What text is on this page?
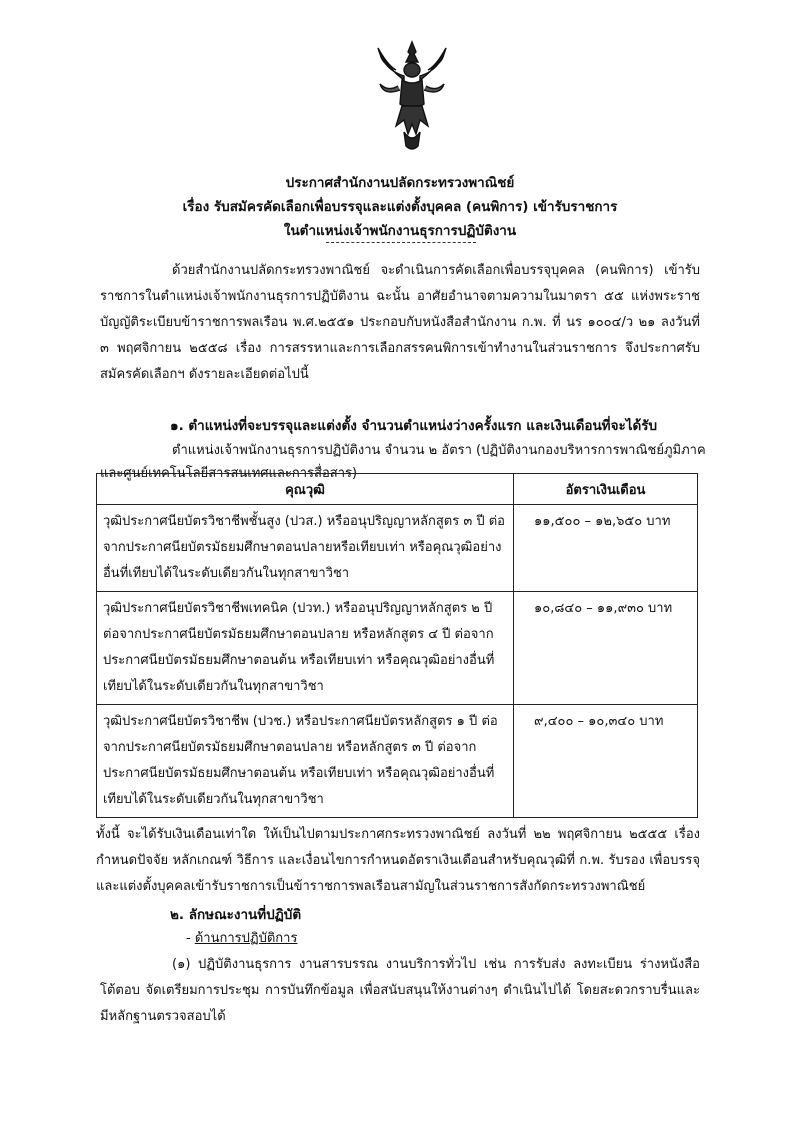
ประกาศสำนักงานปลัดกระทรวงพาณิชย์
เรื่อง รับสมัครคัดเลือกเพื่อบรรจุและแต่งตั้งบุคคล (คนพิการ) เข้ารับราชการ
ในตำแหน่งเจ้าพนักงานธุรการปฏิบัติงาน

ด้วยสำนักงานปลัดกระทรวงพาณิชย์ จะดำเนินการคัดเลือกเพื่อบรรจุบุคคล (คนพิการ) เข้ารับราชการในตำแหน่งเจ้าพนักงานธุรการปฏิบัติงาน ฉะนั้น อาศัยอำนาจตามความในมาตรา ๕๕ แห่งพระราชบัญญัติระเบียบข้าราชการพลเรือน พ.ศ.๒๕๕๑ ประกอบกับหนังสือสำนักงาน ก.พ. ที่ นร ๑๐๐๔/ว ๒๑ ลงวันที่ ๓ พฤศจิกายน ๒๕๕๘ เรื่อง การสรรหาและการเลือกสรรคนพิการเข้าทำงานในส่วนราชการ จึงประกาศรับสมัครคัดเลือกฯ ดังรายละเอียดต่อไปนี้

๑. ตำแหน่งที่จะบรรจุและแต่งตั้ง จำนวนตำแหน่งว่างครั้งแรก และเงินเดือนที่จะได้รับ
ตำแหน่งเจ้าพนักงานธุรการปฏิบัติงาน จำนวน ๒ อัตรา (ปฏิบัติงานกองบริหารการพาณิชย์ภูมิภาค
และศูนย์เทคโนโลยีสารสนเทศและการสื่อสาร)
คุณวุฒิ	อัตราเงินเดือน
วุฒิประกาศนียบัตรวิชาชีพชั้นสูง (ปวส.) หรืออนุปริญญาหลักสูตร ๓ ปี ต่อจากประกาศนียบัตรมัธยมศึกษาตอนปลายหรือเทียบเท่า หรือคุณวุฒิอย่างอื่นที่เทียบได้ในระดับเดียวกันในทุกสาขาวิชา	๑๑,๕๐๐ – ๑๒,๖๕๐ บาท
วุฒิประกาศนียบัตรวิชาชีพเทคนิค (ปวท.) หรืออนุปริญญาหลักสูตร ๒ ปี ต่อจากประกาศนียบัตรมัธยมศึกษาตอนปลาย หรือหลักสูตร ๔ ปี ต่อจากประกาศนียบัตรมัธยมศึกษาตอนต้น หรือเทียบเท่า หรือคุณวุฒิอย่างอื่นที่เทียบได้ในระดับเดียวกันในทุกสาขาวิชา	๑๐,๘๔๐ – ๑๑,๙๓๐ บาท
วุฒิประกาศนียบัตรวิชาชีพ (ปวช.) หรือประกาศนียบัตรหลักสูตร ๑ ปี ต่อจากประกาศนียบัตรมัธยมศึกษาตอนปลาย หรือหลักสูตร ๓ ปี ต่อจากประกาศนียบัตรมัธยมศึกษาตอนต้น หรือเทียบเท่า หรือคุณวุฒิอย่างอื่นที่เทียบได้ในระดับเดียวกันในทุกสาขาวิชา	๙,๔๐๐ – ๑๐,๓๔๐ บาท

ทั้งนี้ จะได้รับเงินเดือนเท่าใด ให้เป็นไปตามประกาศกระทรวงพาณิชย์ ลงวันที่ ๒๒ พฤศจิกายน ๒๕๕๕ เรื่อง กำหนดปัจจัย หลักเกณฑ์ วิธีการ และเงื่อนไขการกำหนดอัตราเงินเดือนสำหรับคุณวุฒิที่ ก.พ. รับรอง เพื่อบรรจุและแต่งตั้งบุคคลเข้ารับราชการเป็นข้าราชการพลเรือนสามัญในส่วนราชการสังกัดกระทรวงพาณิชย์

๒. ลักษณะงานที่ปฏิบัติ
- ด้านการปฏิบัติการ

(๑) ปฏิบัติงานธุรการ งานสารบรรณ งานบริการทั่วไป เช่น การรับส่ง ลงทะเบียน ร่างหนังสือโต้ตอบ จัดเตรียมการประชุม การบันทึกข้อมูล เพื่อสนับสนุนให้งานต่างๆ ดำเนินไปได้ โดยสะดวกราบรื่นและมีหลักฐานตรวจสอบได้
